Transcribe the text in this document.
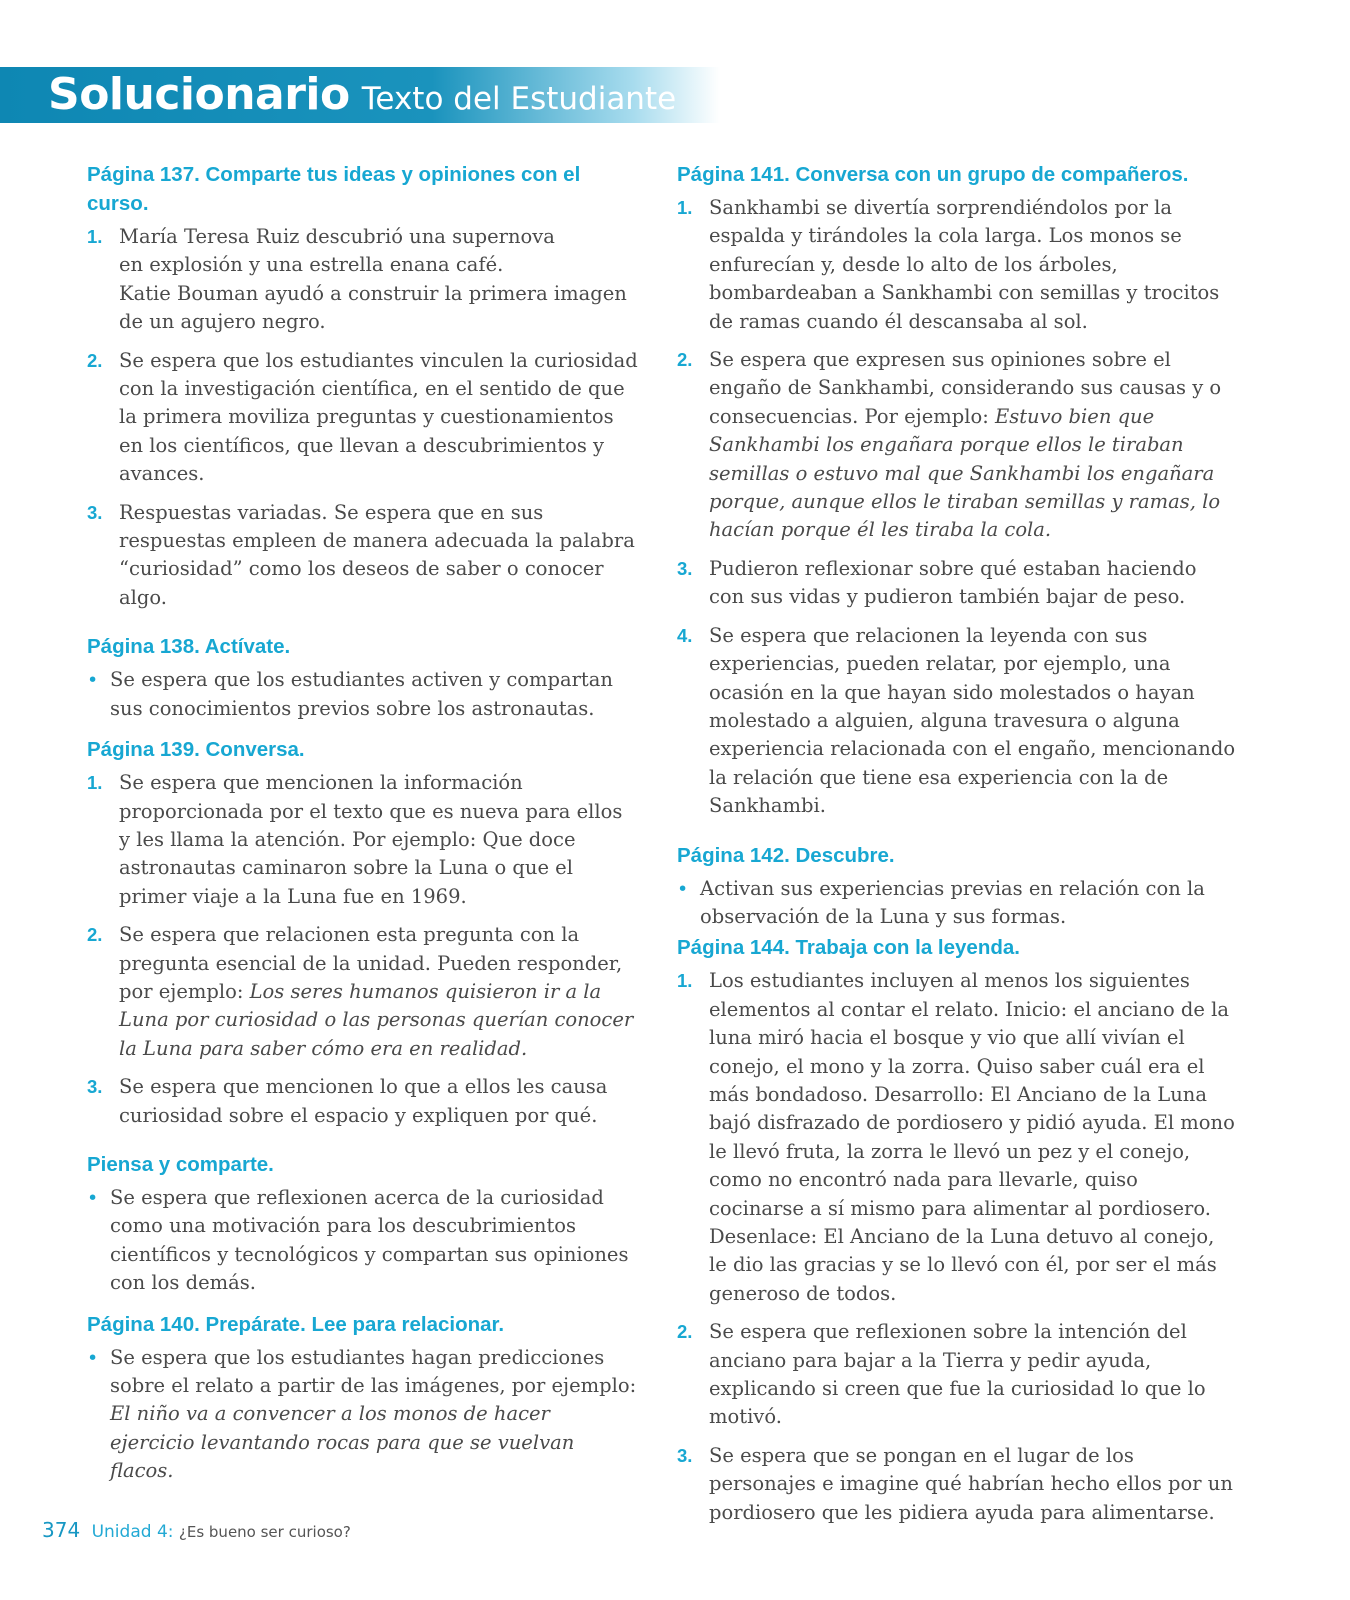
Solucionario Texto del Estudiante
Página 137. Comparte tus ideas y opiniones con el curso.
1. María Teresa Ruiz descubrió una supernova en explosión y una estrella enana café.
Katie Bouman ayudó a construir la primera imagen de un agujero negro.
2. Se espera que los estudiantes vinculen la curiosidad con la investigación científica, en el sentido de que la primera moviliza preguntas y cuestionamientos en los científicos, que llevan a descubrimientos y avances.
3. Respuestas variadas. Se espera que en sus respuestas empleen de manera adecuada la palabra “curiosidad” como los deseos de saber o conocer algo.
Página 138. Actívate.
• Se espera que los estudiantes activen y compartan sus conocimientos previos sobre los astronautas.
Página 139. Conversa.
1. Se espera que mencionen la información proporcionada por el texto que es nueva para ellos y les llama la atención. Por ejemplo: Que doce astronautas caminaron sobre la Luna o que el primer viaje a la Luna fue en 1969.
2. Se espera que relacionen esta pregunta con la pregunta esencial de la unidad. Pueden responder, por ejemplo: Los seres humanos quisieron ir a la Luna por curiosidad o las personas querían conocer la Luna para saber cómo era en realidad.
3. Se espera que mencionen lo que a ellos les causa curiosidad sobre el espacio y expliquen por qué.
Piensa y comparte.
• Se espera que reflexionen acerca de la curiosidad como una motivación para los descubrimientos científicos y tecnológicos y compartan sus opiniones con los demás.
Página 140. Prepárate. Lee para relacionar.
• Se espera que los estudiantes hagan predicciones sobre el relato a partir de las imágenes, por ejemplo: El niño va a convencer a los monos de hacer ejercicio levantando rocas para que se vuelvan flacos.
Página 141. Conversa con un grupo de compañeros.
1. Sankhambi se divertía sorprendiéndolos por la espalda y tirándoles la cola larga. Los monos se enfurecían y, desde lo alto de los árboles, bombardeaban a Sankhambi con semillas y trocitos de ramas cuando él descansaba al sol.
2. Se espera que expresen sus opiniones sobre el engaño de Sankhambi, considerando sus causas y o consecuencias. Por ejemplo: Estuvo bien que Sankhambi los engañara porque ellos le tiraban semillas o estuvo mal que Sankhambi los engañara porque, aunque ellos le tiraban semillas y ramas, lo hacían porque él les tiraba la cola.
3. Pudieron reflexionar sobre qué estaban haciendo con sus vidas y pudieron también bajar de peso.
4. Se espera que relacionen la leyenda con sus experiencias, pueden relatar, por ejemplo, una ocasión en la que hayan sido molestados o hayan molestado a alguien, alguna travesura o alguna experiencia relacionada con el engaño, mencionando la relación que tiene esa experiencia con la de Sankhambi.
Página 142. Descubre.
• Activan sus experiencias previas en relación con la observación de la Luna y sus formas.
Página 144. Trabaja con la leyenda.
1. Los estudiantes incluyen al menos los siguientes elementos al contar el relato. Inicio: el anciano de la luna miró hacia el bosque y vio que allí vivían el conejo, el mono y la zorra. Quiso saber cuál era el más bondadoso. Desarrollo: El Anciano de la Luna bajó disfrazado de pordiosero y pidió ayuda. El mono le llevó fruta, la zorra le llevó un pez y el conejo, como no encontró nada para llevarle, quiso cocinarse a sí mismo para alimentar al pordiosero. Desenlace: El Anciano de la Luna detuvo al conejo, le dio las gracias y se lo llevó con él, por ser el más generoso de todos.
2. Se espera que reflexionen sobre la intención del anciano para bajar a la Tierra y pedir ayuda, explicando si creen que fue la curiosidad lo que lo motivó.
3. Se espera que se pongan en el lugar de los personajes e imagine qué habrían hecho ellos por un pordiosero que les pidiera ayuda para alimentarse.
374 Unidad 4: ¿Es bueno ser curioso?
